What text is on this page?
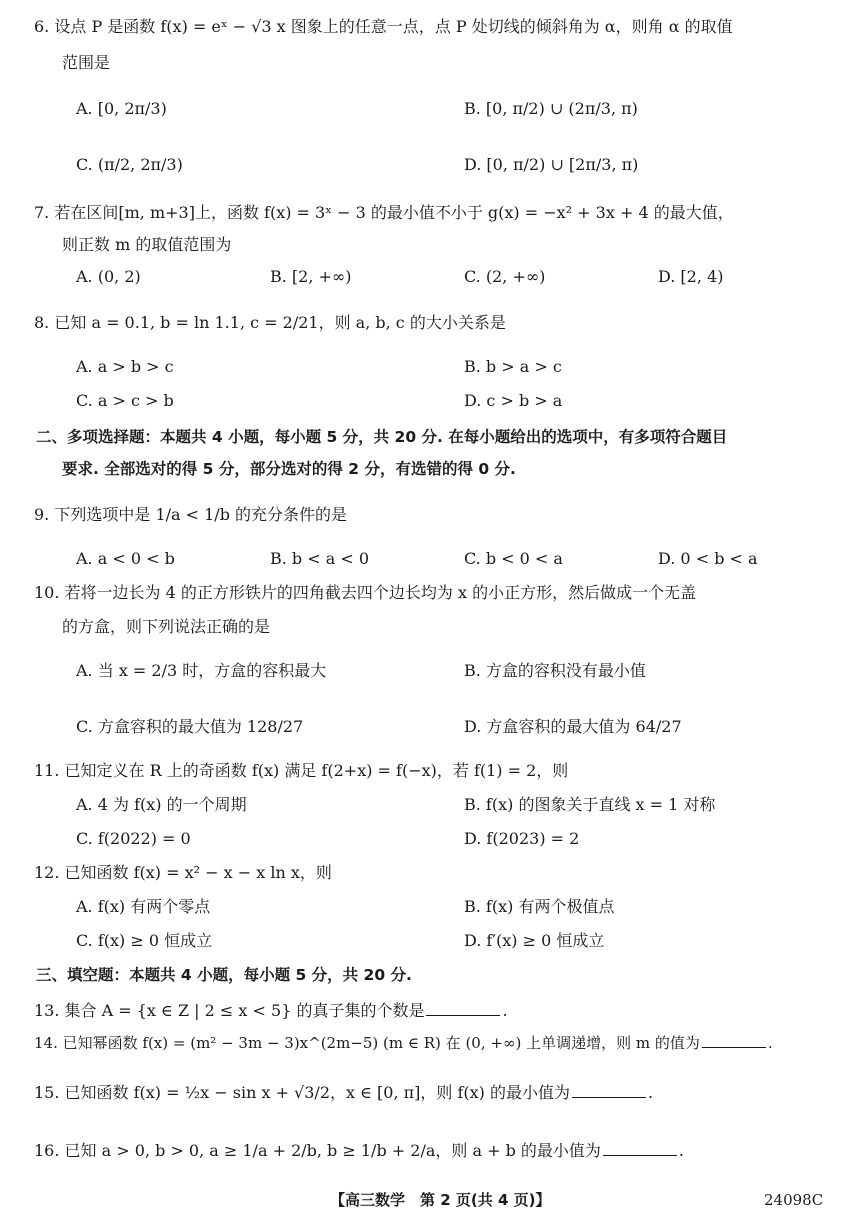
6. 设点 P 是函数 f(x) = eˣ − √3 x 图象上的任意一点，点 P 处切线的倾斜角为 α，则角 α 的取值
范围是
A. [0, 2π/3)	B. [0, π/2) ∪ (2π/3, π)
C. (π/2, 2π/3)	D. [0, π/2) ∪ [2π/3, π)
7. 若在区间[m, m+3]上，函数 f(x) = 3ˣ − 3 的最小值不小于 g(x) = −x² + 3x + 4 的最大值，
则正数 m 的取值范围为
A. (0, 2)	B. [2, +∞)	C. (2, +∞)	D. [2, 4)
8. 已知 a = 0.1, b = ln 1.1, c = 2/21，则 a, b, c 的大小关系是
A. a > b > c	B. b > a > c
C. a > c > b	D. c > b > a
二、多项选择题：本题共 4 小题，每小题 5 分，共 20 分. 在每小题给出的选项中，有多项符合题目
要求. 全部选对的得 5 分，部分选对的得 2 分，有选错的得 0 分.
9. 下列选项中是 1/a < 1/b 的充分条件的是
A. a < 0 < b	B. b < a < 0	C. b < 0 < a	D. 0 < b < a
10. 若将一边长为 4 的正方形铁片的四角截去四个边长均为 x 的小正方形，然后做成一个无盖
的方盒，则下列说法正确的是
A. 当 x = 2/3 时，方盒的容积最大	B. 方盒的容积没有最小值
C. 方盒容积的最大值为 128/27	D. 方盒容积的最大值为 64/27
11. 已知定义在 R 上的奇函数 f(x) 满足 f(2+x) = f(−x)，若 f(1) = 2，则
A. 4 为 f(x) 的一个周期	B. f(x) 的图象关于直线 x = 1 对称
C. f(2022) = 0	D. f(2023) = 2
12. 已知函数 f(x) = x² − x − x ln x，则
A. f(x) 有两个零点	B. f(x) 有两个极值点
C. f(x) ≥ 0 恒成立	D. f′(x) ≥ 0 恒成立
三、填空题：本题共 4 小题，每小题 5 分，共 20 分.
13. 集合 A = {x ∈ Z | 2 ≤ x < 5} 的真子集的个数是	.
14. 已知幂函数 f(x) = (m² − 3m − 3)x^(2m−5) (m ∈ R) 在 (0, +∞) 上单调递增，则 m 的值为	.
15. 已知函数 f(x) = ½x − sin x + √3/2，x ∈ [0, π]，则 f(x) 的最小值为	.
16. 已知 a > 0, b > 0, a ≥ 1/a + 2/b, b ≥ 1/b + 2/a，则 a + b 的最小值为	.
【高三数学　第 2 页(共 4 页)】	24098C
